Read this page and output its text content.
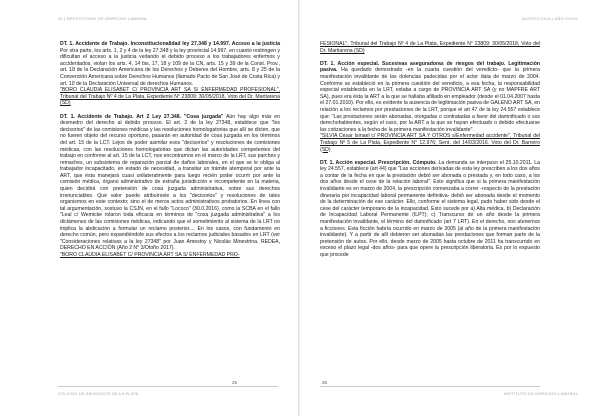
30 | REPOSITORIO DE DERECHO LABORAL

DT. 1. Accidente de Trabajo. Inconstitucionalidad ley 27.348 y 14.997. Acceso a la justicia Por otra parte, los arts. 1, 2 y 4 de la ley 27.348 y la ley provincial 14.997, en cuanto restringen y dificultan el acceso a la justicia vedando el debido proceso a los trabajadores enfermos y accidentados, violan los arts. 4, 14 bis, 17, 18 y 109 de la CN, arts. 15 y 39 de la Const. Prov., art. 18 de la Declaración Americana de los Derechos y Deberes del Hombre, arts. 8 y 25 de la Convención Americana sobre Derechos Humanos (llamado Pacto de San José de Costa Rica) y art. 10 de la Declaración Universal de derechos Humanos.

"BORO CLAUDIA ELISABET C/ PROVINCIA ART SA S/ ENFERMEDAD PROFESIONAL", Tribunal del Trabajo Nº 4 de La Plata, Expediente N° 23809: 30/05/2018, Voto del Dr. Martiarena (SD)

DT. 1. Accidente de Trabajo. Art 2 Ley 27.348. "Cosa juzgada" Aún hay algo más en desmedro del derecho al debido proceso. El art. 2 de la ley 27348, establece que "los decisorios" de las comisiones médicas y las resoluciones homologatorias que allí se dicten, que no fueren objeto del recurso oportuno, pasarán en autoridad de cosa juzgada en los términos del art. 15 de la LCT. Lejos de poder asimilar esos "decisorios" y resoluciones de comisiones médicas, con las resoluciones homologatorias que dictan las autoridades competentes del trabajo en conforme al art. 15 de la LCT, nos encontramos en el marco de la LRT, sus parches y remaches, un subsistema de reparación parcial de daños laborales, en el que se le obliga al trabajador incapacitado, en estado de necesidad, a transitar un trámite atemporal por ante la ART, que ésta manejará cuasi unilateralmente para luego recién poder ocurrir por ante la comisión médica, órgano administrativo de extraña jurisdicción e incompetente en la materia, quien decidirá con pretensión de cosa juzgada administrativa, sobre sus derechos irrenunciables. Qué valor puede atribuírsele a los "decisorios" y resoluciones de tales organismos en este contexto; sino el de meros actos administrativos probatorios. En línea con tal argumentación, sostuvo la CSJN, en el fallo "Lococo" (30.0.2016), como la SCBA en el fallo "Leal c/ Wemicke rolaron toda eficacia en términos de "cosa juzgada administrativa" a los dictámenes de las comisiones médicas, indicando que el sometimiento al sistema de la LRT no implica la abdicación a formular un reclamo posterior.... En los casos, con fundamento en derecho común, pero expandiéndole sus efectos a los reclamos judiciales basados en LRT (ver "Consideraciones relativas a la ley 27348" por Juan Amestoy y Nicolás Minestrina. REDEA, DERECHO EN ACCIÓN (Año 2 N° 3/Otoño 2017).

"BORO CLAUDIA ELISABET C/ PROVINCIA ART SA S/ ENFERMEDAD PRO-

25
COLEGIO DE ABOGADOS DE LA PLATA
AGOSTO 2018 | AÑO XXXIV

FESIONAL", Tribunal del Trabajo Nº 4 de La Plata, Expediente N° 23809: 30/05/2018, Voto del Dr. Martiarena (SD)

DT. 1. Acción especial. Sucesivas aseguradoras de riesgos del trabajo. Legitimación pasiva. Ha quedado demostrado -en la cuarta cuestión del veredicto- que la primera manifestación invalidante de las dolencias padecidas por el actor data de marzo de 2004. Conforme se estableció en la primera cuestión del veredicto, a esa fecha, la responsabilidad especial establecida en la LRT, estaba a cargo de PROVINCIA ART SA (y no MAPFRE ART SA), pues era ésta la ART a la que se hallaba afiliado en empleador (desde el 01.04.2007 hasta el 27.01.2010). Por ello, es evidente la ausencia de legitimación pasiva de GALENO ART SA, en relación a los reclamos por prestaciones de la LRT, porque el art 47 de la ley 24.557 establece que: "Las prestaciones serán abonadas, otorgadas o contratadas a favor del damnificado o sus derechohabientes, según el caso, por la ART a la que se hayan efectuado o debido efectuarse las cotizaciones a la fecha de la primera manifestación invalidante".

"SILVIA Cesar Ismael c/ PROVINCIA ART SA Y OTROS s/Enfermedad accidente", Tribunal del Trabajo Nº 5 de La Plata, Expediente N° 12.976; Sent. del 14/03/2016. Voto del Dr. Barreiro (SD)

DT. 1. Acción especial. Prescripción. Cómputo. La demanda se interpuso el 25.10.2011. La ley 24.557, establece (art 44) que "Las acciones derivadas de esta ley prescriben a los dos años a contar de la fecha en que la prestación debió ser abonada o prestada y, en todo caso, a los dos años desde el cese de la relación laboral". Esto significa que si la primera manifestación invalidante es en marzo de 2004, la prescripción comenzaba a correr -respecto de la prestación dineraria por incapacidad laboral permanente definitiva- debió ser abonada desde el momento de la determinación de ese carácter. Ello, conforme el sistema legal, pudo haber sido desde el cese del carácter temporario de la incapacidad. Esto sucede por a) Alta médica, b) Declaración de Incapacidad Laboral Permanente (ILPT); c) Transcurso de un año desde la primera manifestación invalidante, el término del damnificado (art 7 LRT). En el derecho, nos atenemos a ficciones. Esta ficción habría ocurrido en marzo de 2005 (al año de la primera manifestación invalidante). Y a partir de allí debieron ser abonadas las prestaciones que forman parte de la pretensión de autos. Por ello, desde marzo de 2005 hasta octubre de 2011 ha transcurrido en exceso el plazo legal -dos años- para que opere la prescripción liberatoria. Es por lo expuesto que procede

26
INSTITUTO DE DERECHO LABORAL
